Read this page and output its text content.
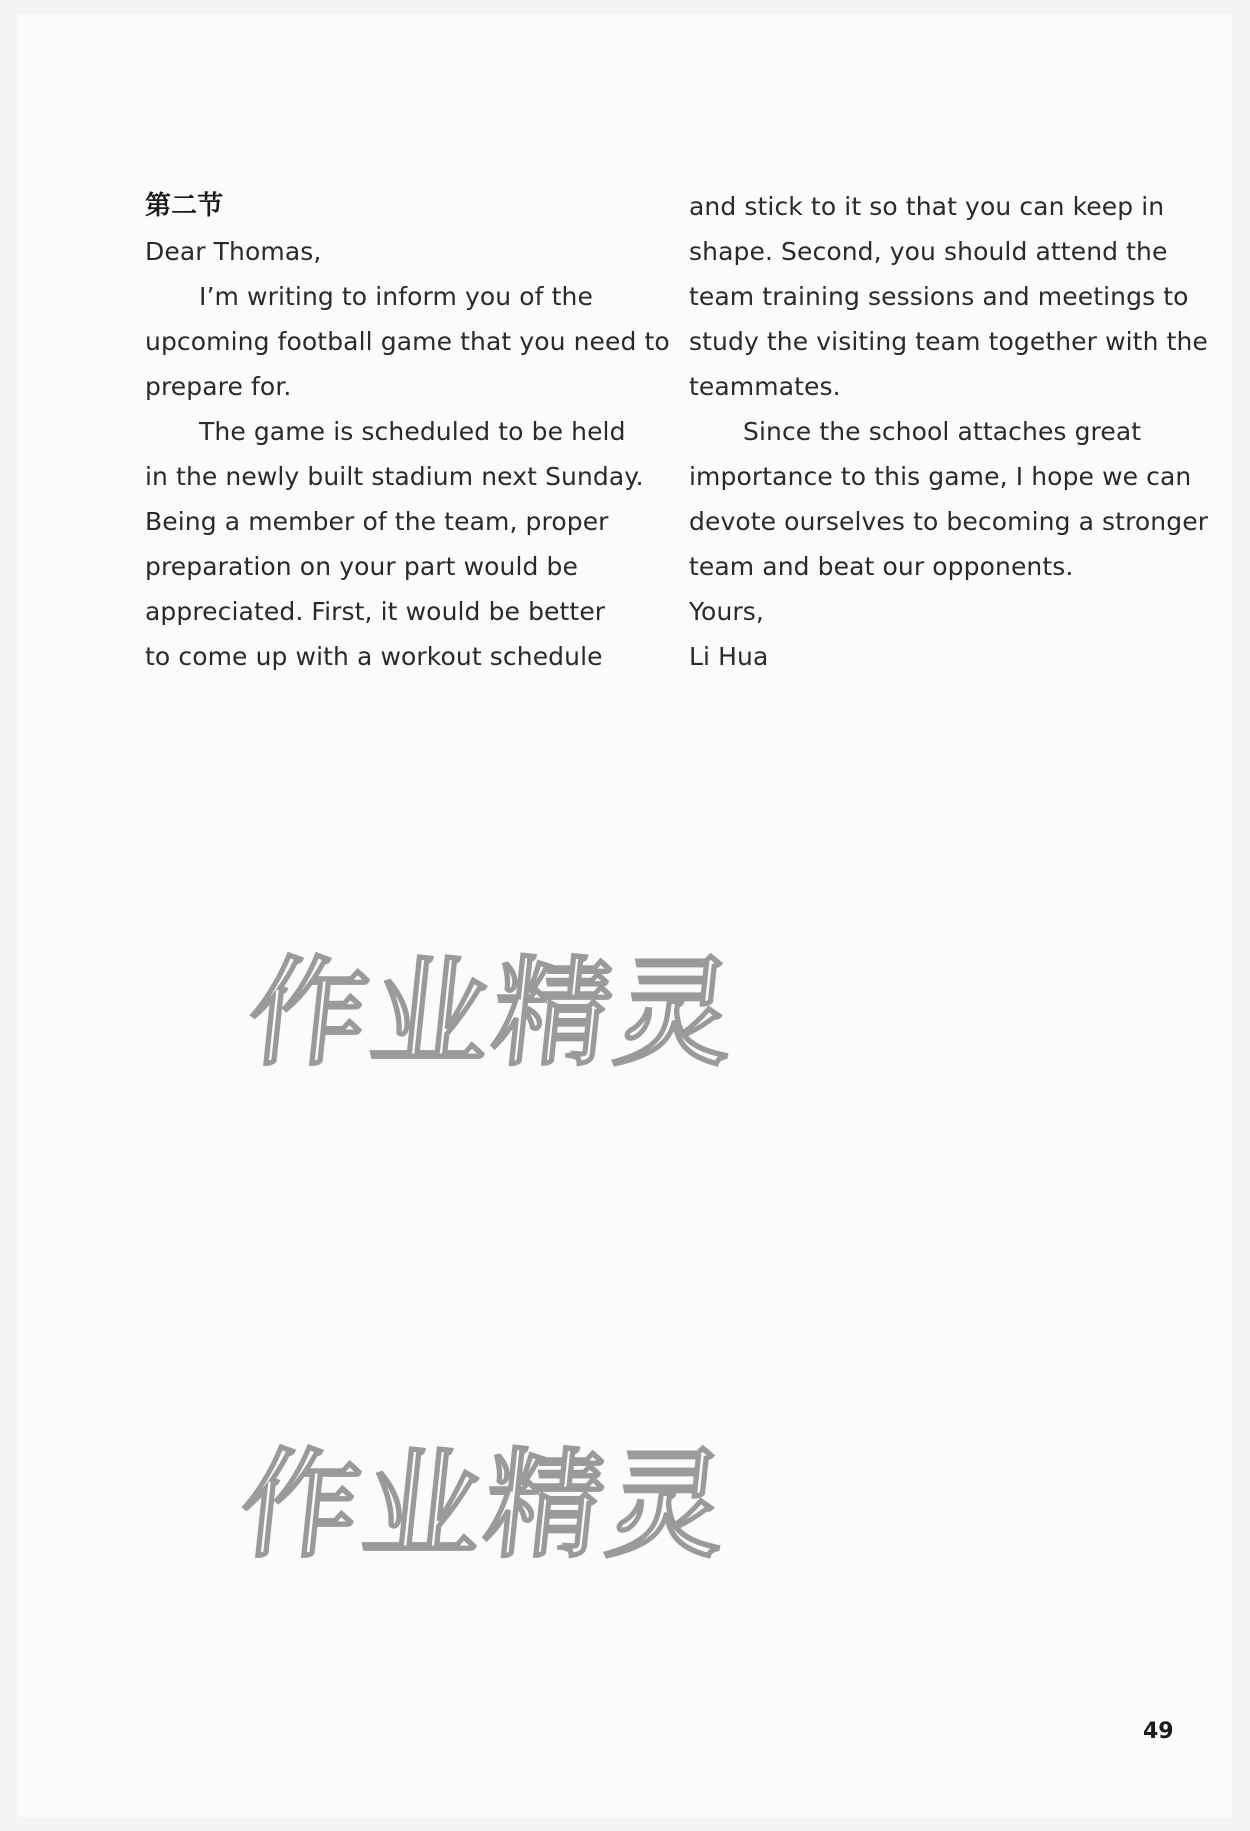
第二节
Dear Thomas,
I’m writing to inform you of the
upcoming football game that you need to
prepare for.
The game is scheduled to be held
in the newly built stadium next Sunday.
Being a member of the team, proper
preparation on your part would be
appreciated. First, it would be better
to come up with a workout schedule
and stick to it so that you can keep in
shape. Second, you should attend the
team training sessions and meetings to
study the visiting team together with the
teammates.
Since the school attaches great
importance to this game, I hope we can
devote ourselves to becoming a stronger
team and beat our opponents.
Yours,
Li Hua
作业精灵
作业精灵
49
